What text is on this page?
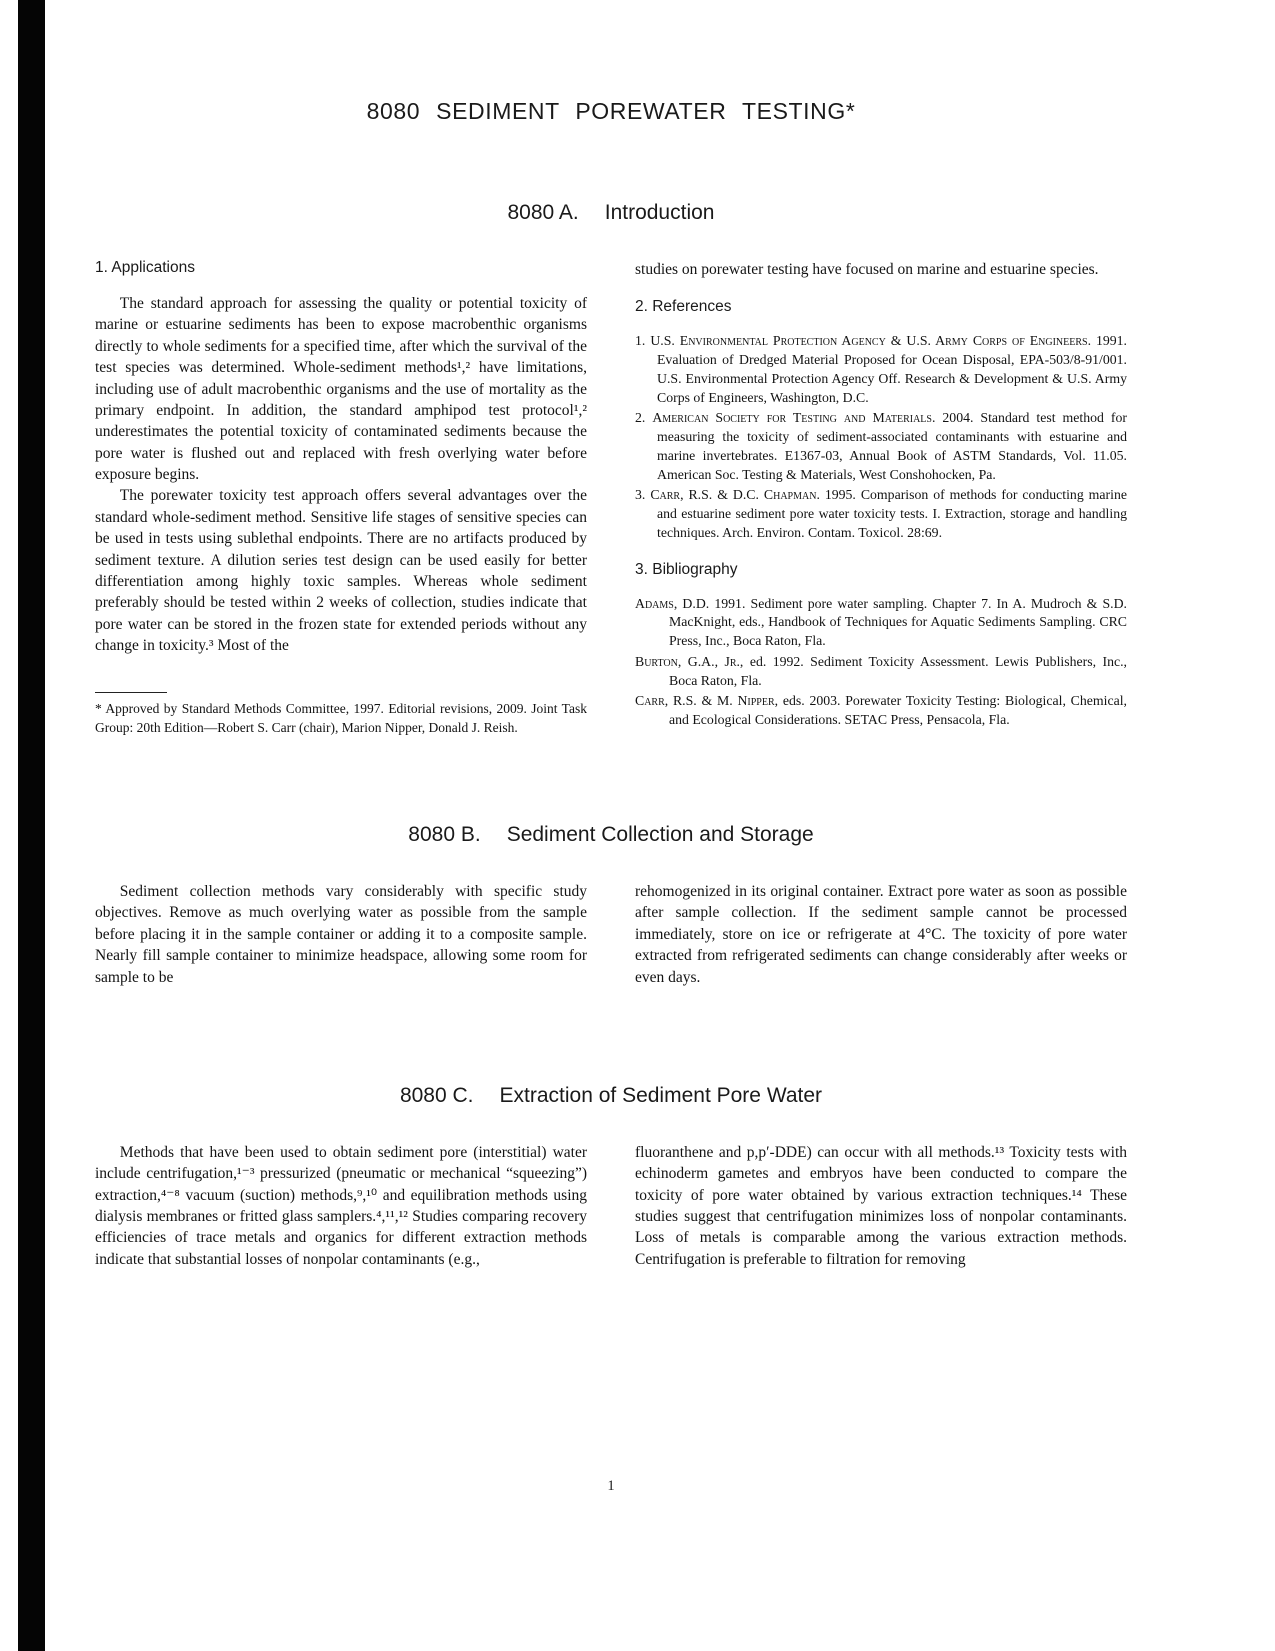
8080 SEDIMENT POREWATER TESTING*
8080 A. Introduction
1. Applications

The standard approach for assessing the quality or potential toxicity of marine or estuarine sediments has been to expose macrobenthic organisms directly to whole sediments for a specified time, after which the survival of the test species was determined. Whole-sediment methods¹,² have limitations, including use of adult macrobenthic organisms and the use of mortality as the primary endpoint. In addition, the standard amphipod test protocol¹,² underestimates the potential toxicity of contaminated sediments because the pore water is flushed out and replaced with fresh overlying water before exposure begins.

The porewater toxicity test approach offers several advantages over the standard whole-sediment method. Sensitive life stages of sensitive species can be used in tests using sublethal endpoints. There are no artifacts produced by sediment texture. A dilution series test design can be used easily for better differentiation among highly toxic samples. Whereas whole sediment preferably should be tested within 2 weeks of collection, studies indicate that pore water can be stored in the frozen state for extended periods without any change in toxicity.³ Most of the

* Approved by Standard Methods Committee, 1997. Editorial revisions, 2009. Joint Task Group: 20th Edition—Robert S. Carr (chair), Marion Nipper, Donald J. Reish.

studies on porewater testing have focused on marine and estuarine species.

2. References

1. U.S. Environmental Protection Agency & U.S. Army Corps of Engineers. 1991. Evaluation of Dredged Material Proposed for Ocean Disposal, EPA-503/8-91/001. U.S. Environmental Protection Agency Off. Research & Development & U.S. Army Corps of Engineers, Washington, D.C.

2. American Society for Testing and Materials. 2004. Standard test method for measuring the toxicity of sediment-associated contaminants with estuarine and marine invertebrates. E1367-03, Annual Book of ASTM Standards, Vol. 11.05. American Soc. Testing & Materials, West Conshohocken, Pa.

3. Carr, R.S. & D.C. Chapman. 1995. Comparison of methods for conducting marine and estuarine sediment pore water toxicity tests. I. Extraction, storage and handling techniques. Arch. Environ. Contam. Toxicol. 28:69.

3. Bibliography

Adams, D.D. 1991. Sediment pore water sampling. Chapter 7. In A. Mudroch & S.D. MacKnight, eds., Handbook of Techniques for Aquatic Sediments Sampling. CRC Press, Inc., Boca Raton, Fla.

Burton, G.A., Jr., ed. 1992. Sediment Toxicity Assessment. Lewis Publishers, Inc., Boca Raton, Fla.

Carr, R.S. & M. Nipper, eds. 2003. Porewater Toxicity Testing: Biological, Chemical, and Ecological Considerations. SETAC Press, Pensacola, Fla.

8080 B. Sediment Collection and Storage

Sediment collection methods vary considerably with specific study objectives. Remove as much overlying water as possible from the sample before placing it in the sample container or adding it to a composite sample. Nearly fill sample container to minimize headspace, allowing some room for sample to be

rehomogenized in its original container. Extract pore water as soon as possible after sample collection. If the sediment sample cannot be processed immediately, store on ice or refrigerate at 4°C. The toxicity of pore water extracted from refrigerated sediments can change considerably after weeks or even days.

8080 C. Extraction of Sediment Pore Water

Methods that have been used to obtain sediment pore (interstitial) water include centrifugation,¹⁻³ pressurized (pneumatic or mechanical “squeezing”) extraction,⁴⁻⁸ vacuum (suction) methods,⁹,¹⁰ and equilibration methods using dialysis membranes or fritted glass samplers.⁴,¹¹,¹² Studies comparing recovery efficiencies of trace metals and organics for different extraction methods indicate that substantial losses of nonpolar contaminants (e.g.,

fluoranthene and p,p′-DDE) can occur with all methods.¹³ Toxicity tests with echinoderm gametes and embryos have been conducted to compare the toxicity of pore water obtained by various extraction techniques.¹⁴ These studies suggest that centrifugation minimizes loss of nonpolar contaminants. Loss of metals is comparable among the various extraction methods. Centrifugation is preferable to filtration for removing

1
